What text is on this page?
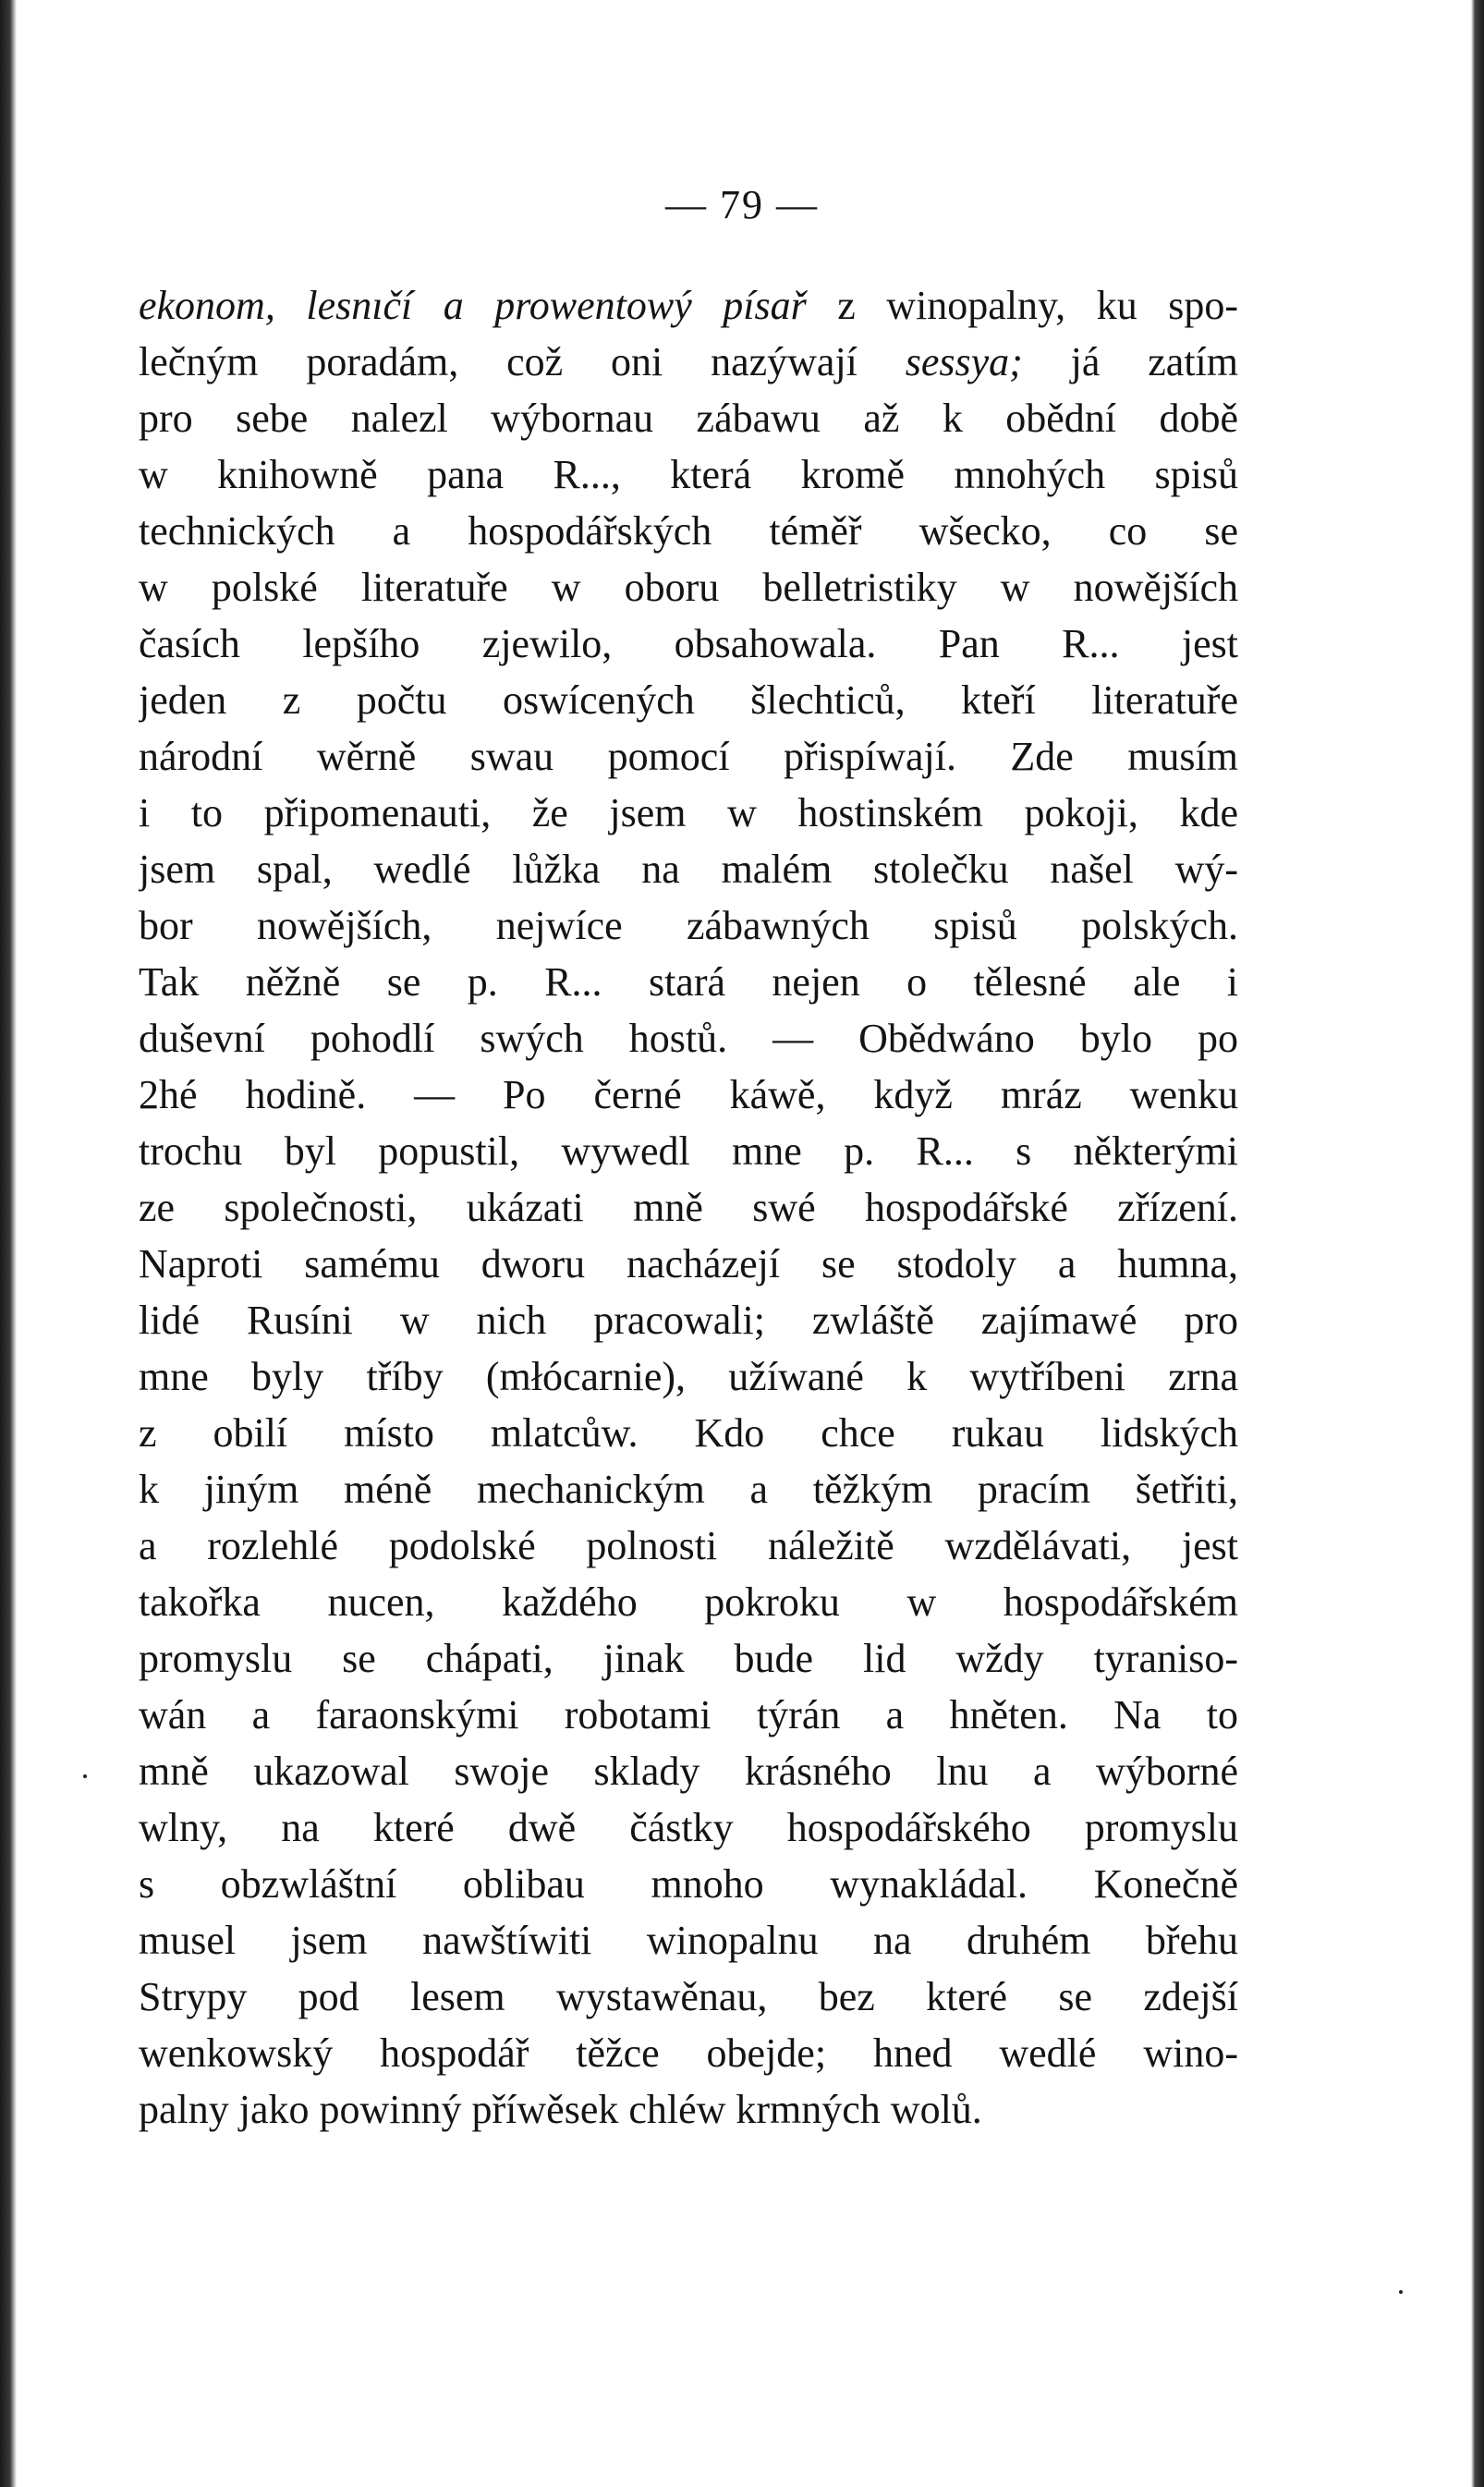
— 79 —
ekonom, lesnıčí a prowentowý písař z winopalny, ku spo-
lečným poradám, což oni nazýwají sessya; já zatím
pro sebe nalezl wýbornau zábawu až k obědní době
w knihowně pana R..., která kromě mnohých spisů
technických a hospodářských téměř wšecko, co se
w polské literatuře w oboru belletristiky w nowějších
časích lepšího zjewilo, obsahowala. Pan R... jest
jeden z počtu oswícených šlechticů, kteří literatuře
národní wěrně swau pomocí přispíwají. Zde musím
i to připomenauti, že jsem w hostinském pokoji, kde
jsem spal, wedlé lůžka na malém stolečku našel wý-
bor nowějších, nejwíce zábawných spisů polských.
Tak něžně se p. R... stará nejen o tělesné ale i
duševní pohodlí swých hostů. — Obědwáno bylo po
2hé hodině. — Po černé káwě, když mráz wenku
trochu byl popustil, wywedl mne p. R... s některými
ze společnosti, ukázati mně swé hospodářské zřízení.
Naproti samému dworu nacházejí se stodoly a humna,
lidé Rusíni w nich pracowali; zwláště zajímawé pro
mne byly tříby (młócarnie), užíwané k wytříbeni zrna
z obilí místo mlatcůw. Kdo chce rukau lidských
k jiným méně mechanickým a těžkým pracím šetřiti,
a rozlehlé podolské polnosti náležitě wzdělávati, jest
takořka nucen, každého pokroku w hospodářském
promyslu se chápati, jinak bude lid wždy tyraniso-
wán a faraonskými robotami týrán a hněten. Na to
mně ukazowal swoje sklady krásného lnu a wýborné
wlny, na které dwě částky hospodářského promyslu
s obzwláštní oblibau mnoho wynakládal. Konečně
musel jsem nawštíwiti winopalnu na druhém břehu
Strypy pod lesem wystawěnau, bez které se zdejší
wenkowský hospodář těžce obejde; hned wedlé wino-
palny jako powinný příwěsek chléw krmných wolů.
